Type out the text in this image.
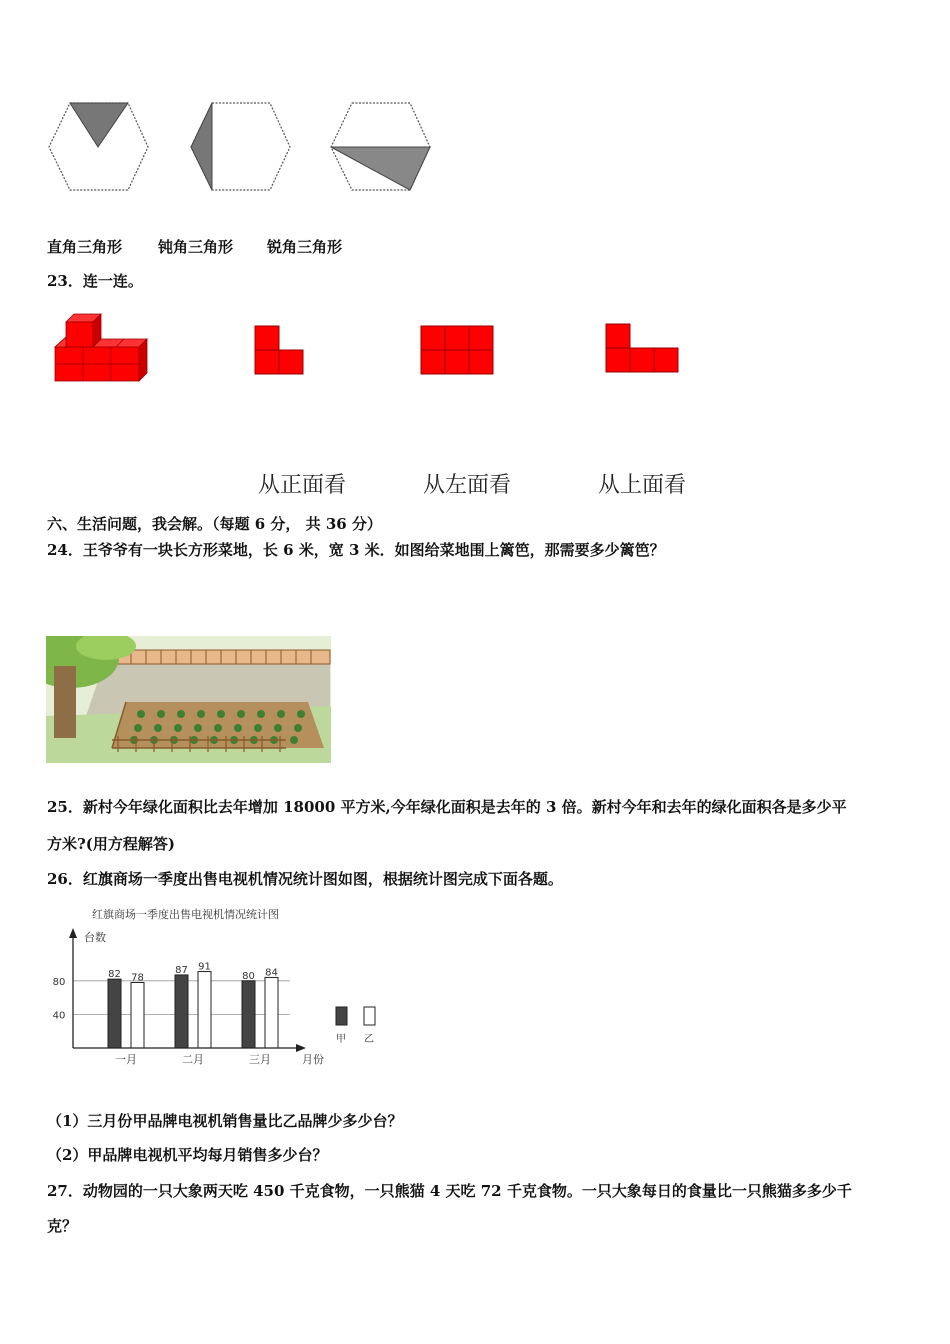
直角三角形 钝角三角形 锐角三角形
23．连一连。
从正面看	从左面看	从上面看
六、生活问题，我会解。（每题 6 分， 共 36 分）
24．王爷爷有一块长方形菜地，长 6 米，宽 3 米．如图给菜地围上篱笆，那需要多少篱笆？
25．新村今年绿化面积比去年增加 18000 平方米,今年绿化面积是去年的 3 倍。新村今年和去年的绿化面积各是多少平
方米?(用方程解答)
26．红旗商场一季度出售电视机情况统计图如图，根据统计图完成下面各题。
红旗商场一季度出售电视机情况统计图
台数
月份
40
80
82 78
一月
87 91
二月
80 84
三月
甲 乙
（1）三月份甲品牌电视机销售量比乙品牌少多少台？
（2）甲品牌电视机平均每月销售多少台？
27．动物园的一只大象两天吃 450 千克食物，一只熊猫 4 天吃 72 千克食物。一只大象每日的食量比一只熊猫多多少千
克？
